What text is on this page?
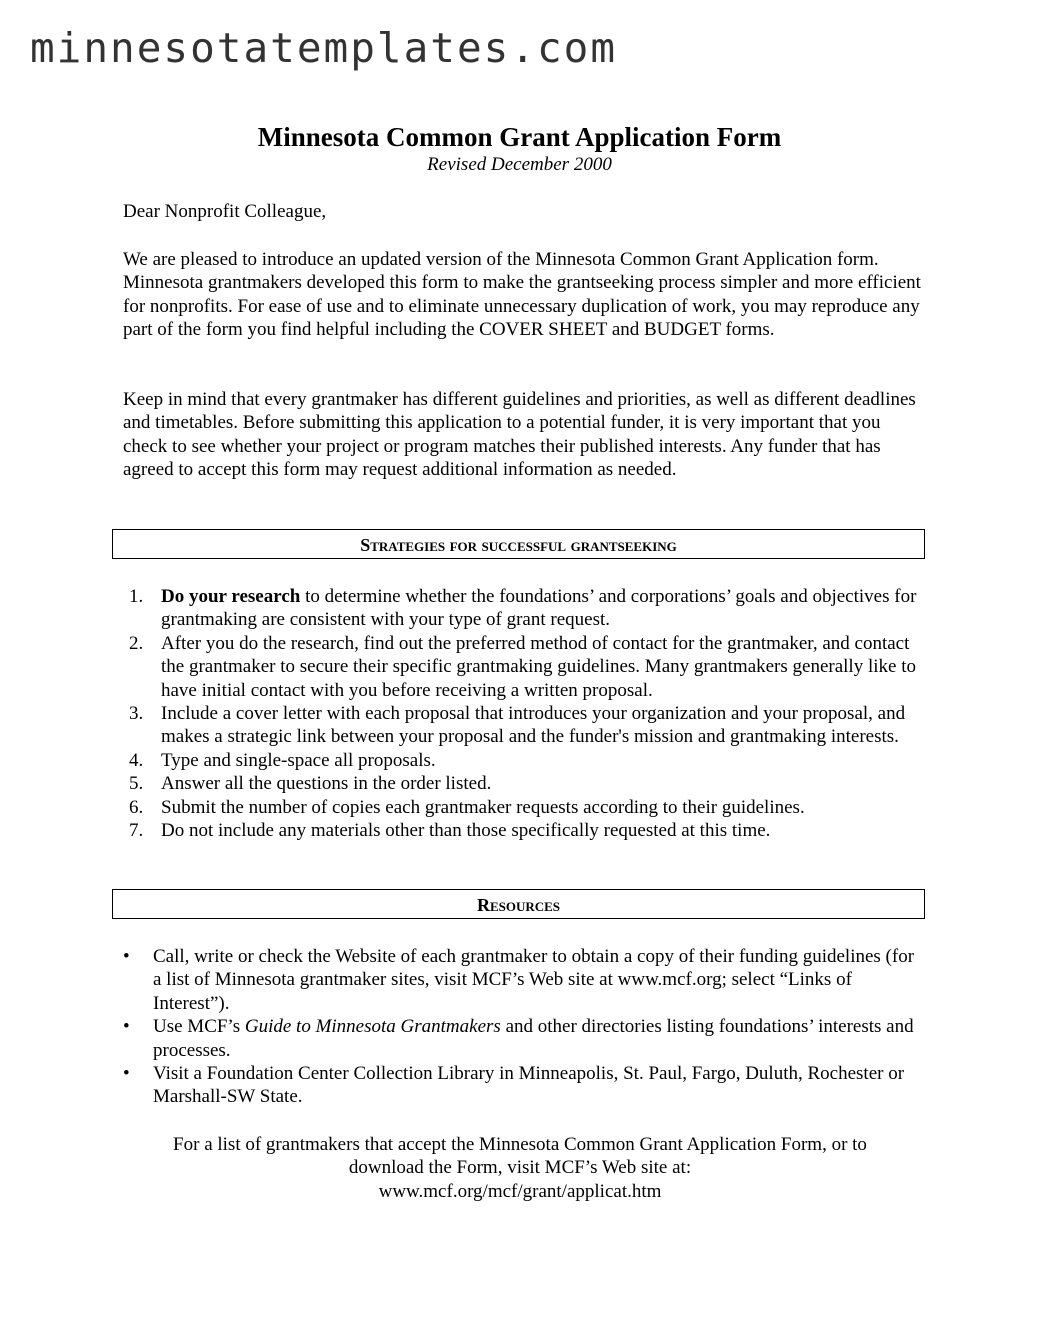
minnesotatemplates.com
Minnesota Common Grant Application Form
Revised December 2000

Dear Nonprofit Colleague,

We are pleased to introduce an updated version of the Minnesota Common Grant Application form. Minnesota grantmakers developed this form to make the grantseeking process simpler and more efficient for nonprofits. For ease of use and to eliminate unnecessary duplication of work, you may reproduce any part of the form you find helpful including the COVER SHEET and BUDGET forms.

Keep in mind that every grantmaker has different guidelines and priorities, as well as different deadlines and timetables. Before submitting this application to a potential funder, it is very important that you check to see whether your project or program matches their published interests. Any funder that has agreed to accept this form may request additional information as needed.

Strategies for successful grantseeking
1. Do your research to determine whether the foundations’ and corporations’ goals and objectives for grantmaking are consistent with your type of grant request.
2. After you do the research, find out the preferred method of contact for the grantmaker, and contact the grantmaker to secure their specific grantmaking guidelines. Many grantmakers generally like to have initial contact with you before receiving a written proposal.
3. Include a cover letter with each proposal that introduces your organization and your proposal, and makes a strategic link between your proposal and the funder's mission and grantmaking interests.
4. Type and single-space all proposals.
5. Answer all the questions in the order listed.
6. Submit the number of copies each grantmaker requests according to their guidelines.
7. Do not include any materials other than those specifically requested at this time.
Resources
• Call, write or check the Website of each grantmaker to obtain a copy of their funding guidelines (for a list of Minnesota grantmaker sites, visit MCF’s Web site at www.mcf.org; select “Links of Interest”).
• Use MCF’s Guide to Minnesota Grantmakers and other directories listing foundations’ interests and processes.
• Visit a Foundation Center Collection Library in Minneapolis, St. Paul, Fargo, Duluth, Rochester or Marshall-SW State.

For a list of grantmakers that accept the Minnesota Common Grant Application Form, or to
download the Form, visit MCF’s Web site at:
www.mcf.org/mcf/grant/applicat.htm
